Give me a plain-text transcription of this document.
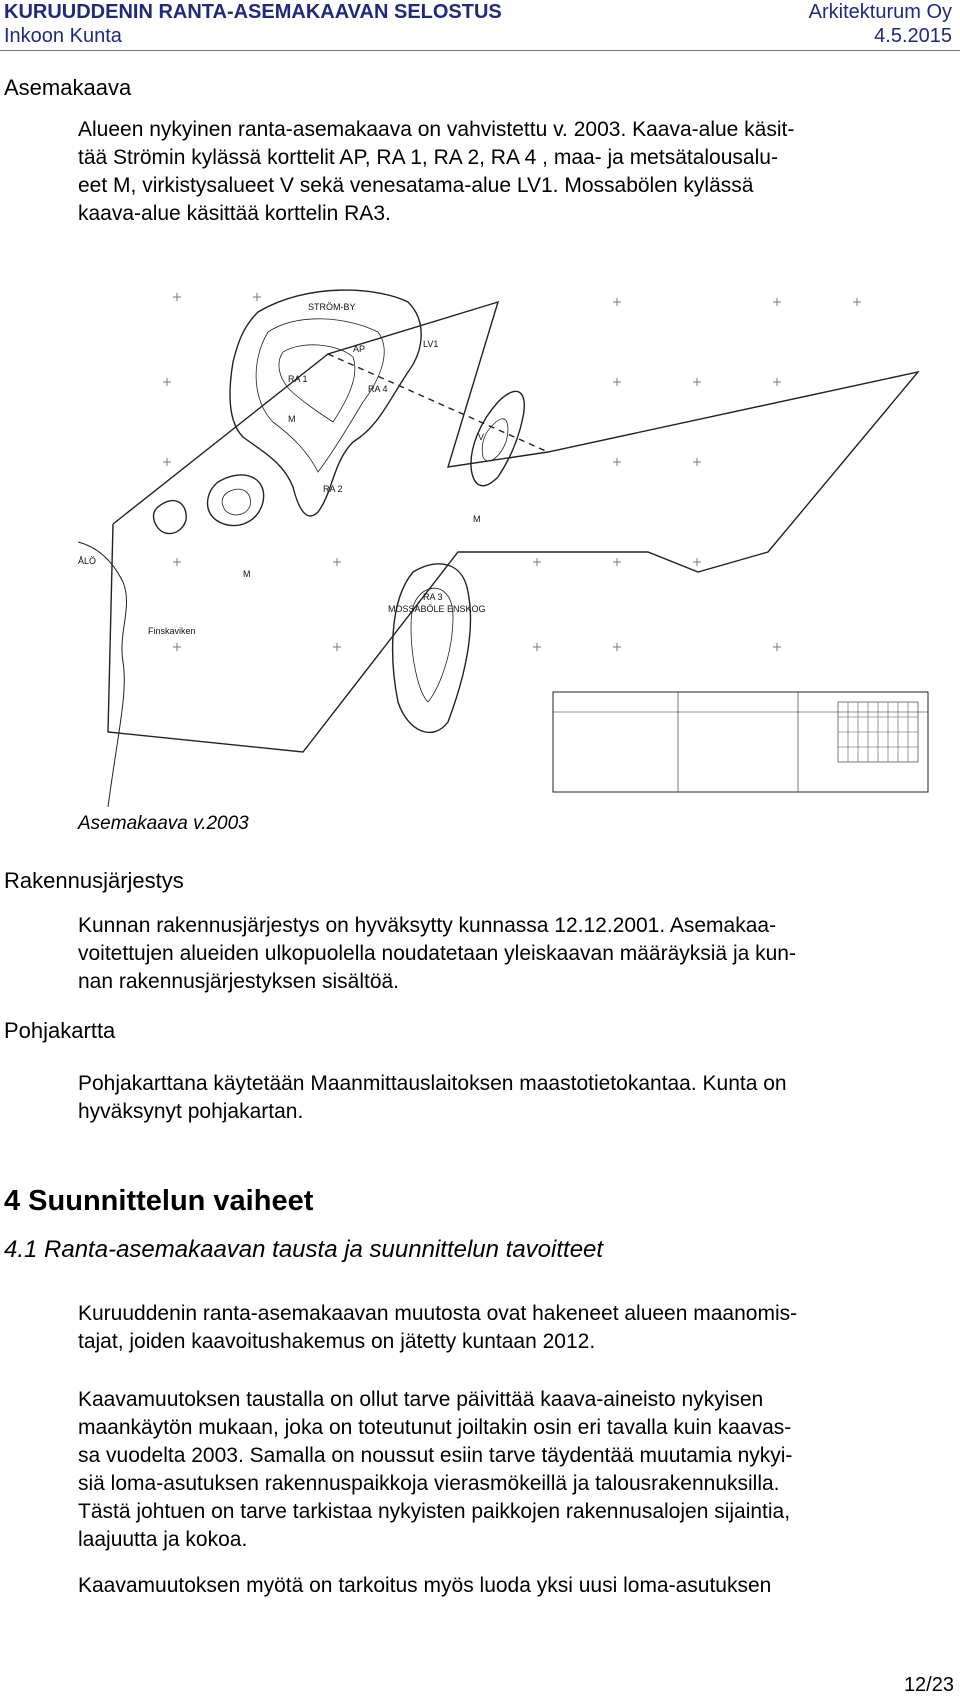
KURUUDDENIN RANTA-ASEMAKAAVAN SELOSTUS	Arkitekturum Oy
Inkoon Kunta	4.5.2015
Asemakaava
Alueen nykyinen ranta-asemakaava on vahvistettu v. 2003. Kaava-alue käsit-
tää Strömin kylässä korttelit AP, RA 1, RA 2, RA 4 , maa- ja metsätalousalu-
eet M, virkistysalueet V sekä venesatama-alue LV1. Mossabölen kylässä
kaava-alue käsittää korttelin RA3.
STRÖM-BY
AP
RA 1
RA 2
RA 4
LV1
RA 3
MOSSABÖLE ENSKOG
Finskaviken
ÅLÖ
M
M
M
V
Asemakaava v.2003
Rakennusjärjestys
Kunnan rakennusjärjestys on hyväksytty kunnassa 12.12.2001. Asemakaa-
voitettujen alueiden ulkopuolella noudatetaan yleiskaavan määräyksiä ja kun-
nan rakennusjärjestyksen sisältöä.
Pohjakartta
Pohjakarttana käytetään Maanmittauslaitoksen maastotietokantaa. Kunta on
hyväksynyt pohjakartan.
4 Suunnittelun vaiheet
4.1 Ranta-asemakaavan tausta ja suunnittelun tavoitteet
Kuruuddenin ranta-asemakaavan muutosta ovat hakeneet alueen maanomis-
tajat, joiden kaavoitushakemus on jätetty kuntaan 2012.
Kaavamuutoksen taustalla on ollut tarve päivittää kaava-aineisto nykyisen
maankäytön mukaan, joka on toteutunut joiltakin osin eri tavalla kuin kaavas-
sa vuodelta 2003. Samalla on noussut esiin tarve täydentää muutamia nykyi-
siä loma-asutuksen rakennuspaikkoja vierasmökeillä ja talousrakennuksilla.
Tästä johtuen on tarve tarkistaa nykyisten paikkojen rakennusalojen sijaintia,
laajuutta ja kokoa.
Kaavamuutoksen myötä on tarkoitus myös luoda yksi uusi loma-asutuksen
12/23
